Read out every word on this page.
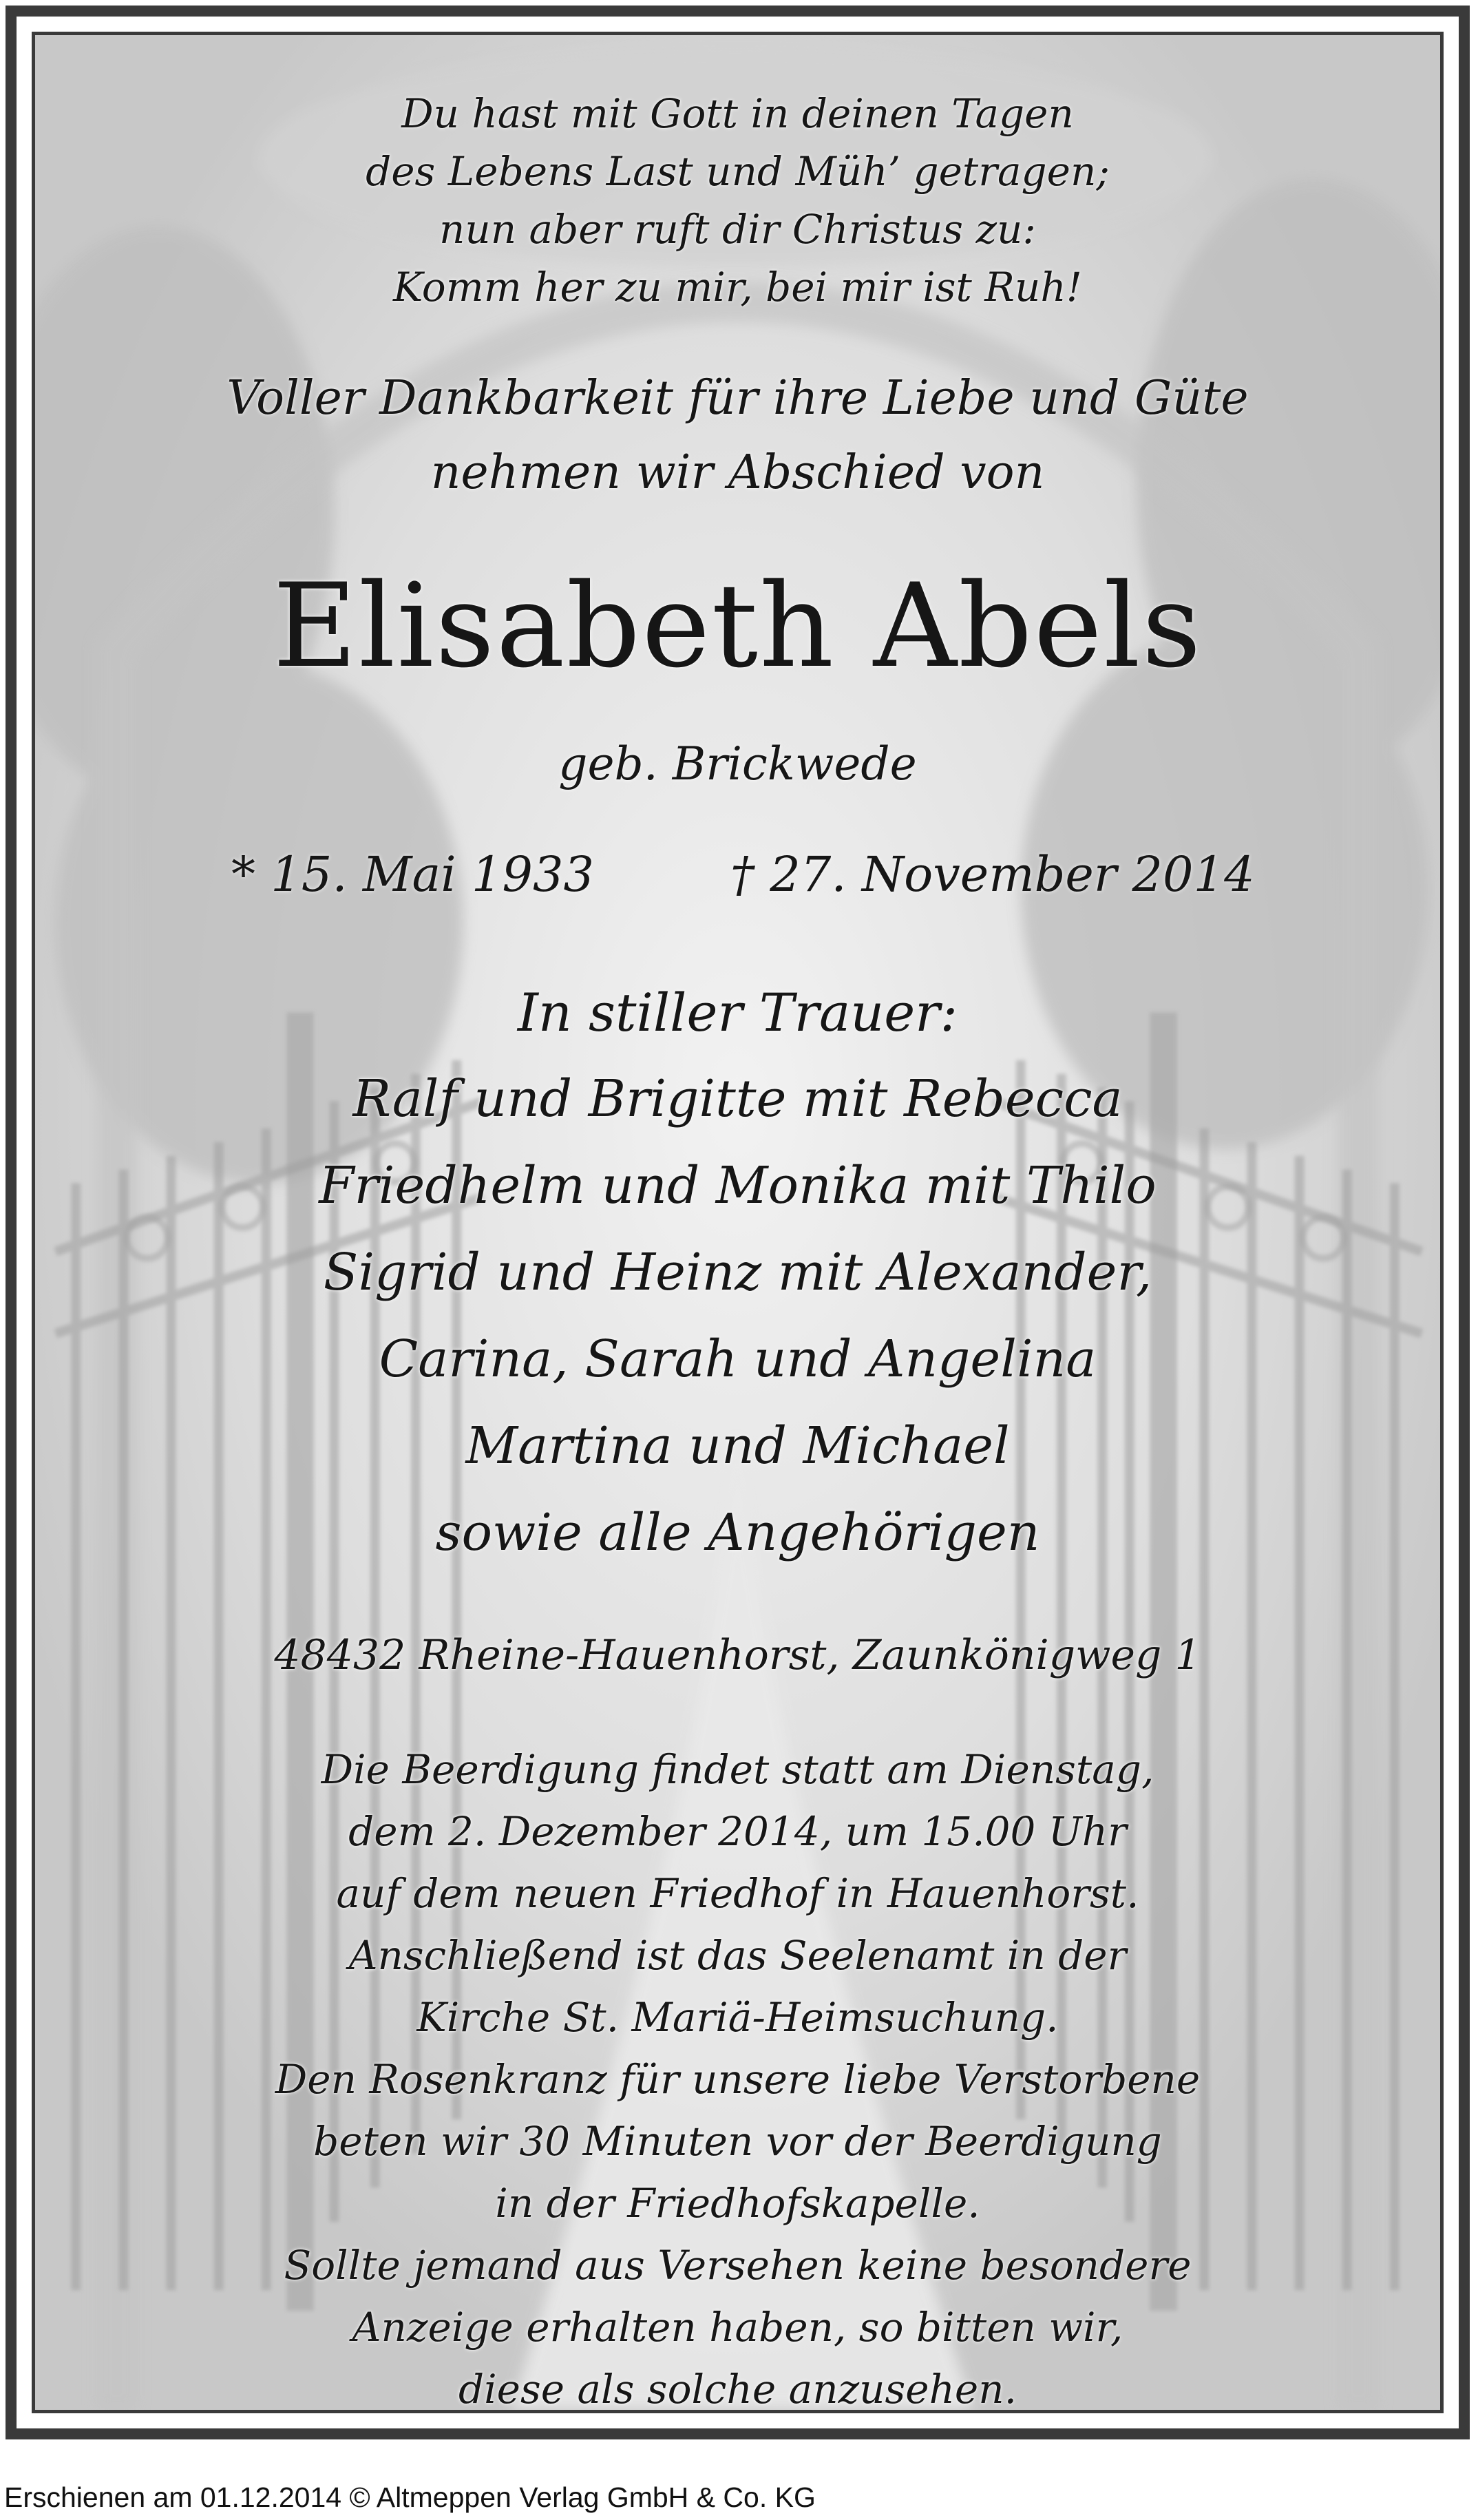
Du hast mit Gott in deinen Tagen
des Lebens Last und Müh’ getragen;
nun aber ruft dir Christus zu:
Komm her zu mir, bei mir ist Ruh!
Voller Dankbarkeit für ihre Liebe und Güte
nehmen wir Abschied von
Elisabeth Abels
geb. Brickwede
* 15. Mai 1933	† 27. November 2014
In stiller Trauer:
Ralf und Brigitte mit Rebecca
Friedhelm und Monika mit Thilo
Sigrid und Heinz mit Alexander,
Carina, Sarah und Angelina
Martina und Michael
sowie alle Angehörigen
48432 Rheine-Hauenhorst, Zaunkönigweg 1
Die Beerdigung findet statt am Dienstag,
dem 2. Dezember 2014, um 15.00 Uhr
auf dem neuen Friedhof in Hauenhorst.
Anschließend ist das Seelenamt in der
Kirche St. Mariä-Heimsuchung.
Den Rosenkranz für unsere liebe Verstorbene
beten wir 30 Minuten vor der Beerdigung
in der Friedhofskapelle.
Sollte jemand aus Versehen keine besondere
Anzeige erhalten haben, so bitten wir,
diese als solche anzusehen.
Erschienen am 01.12.2014 © Altmeppen Verlag GmbH & Co. KG
